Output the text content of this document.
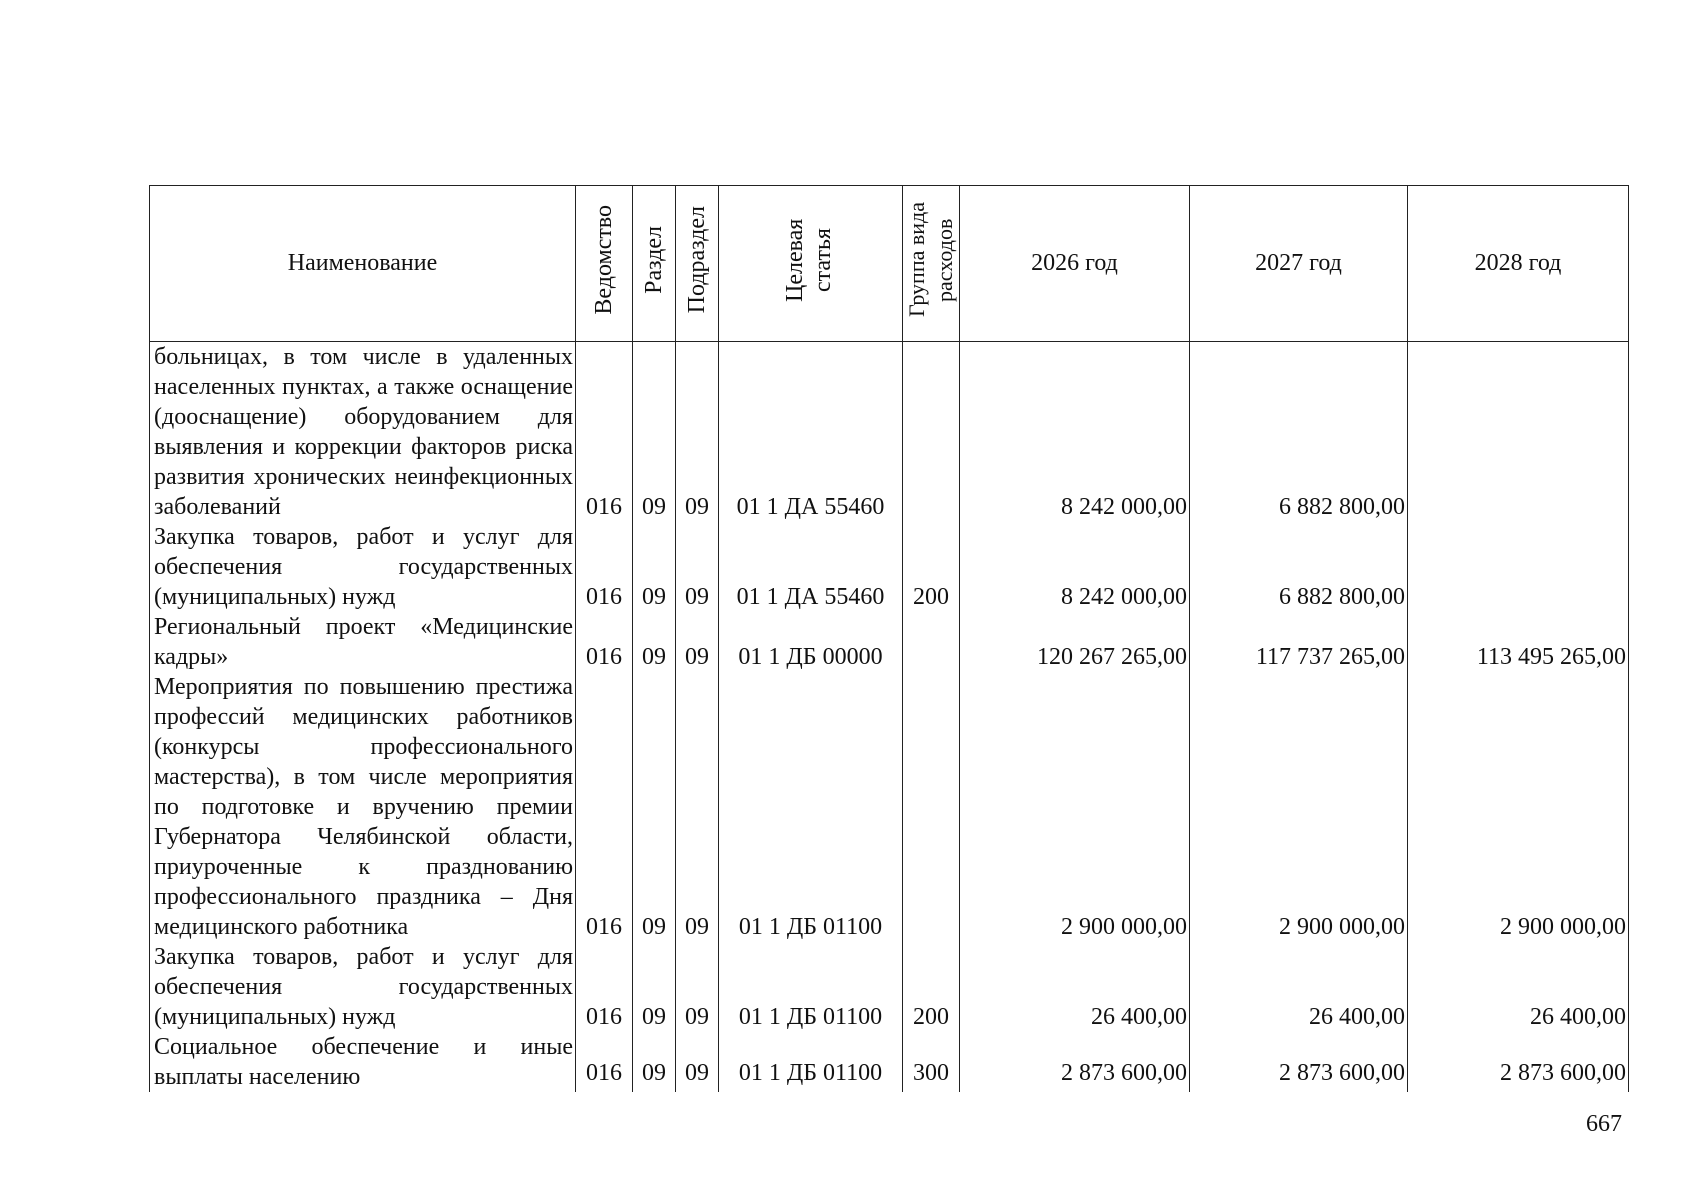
Наименование	Ведомство	Раздел	Подраздел	Целевая статья	Группа вида расходов	2026 год	2027 год	2028 год
больницах, в том числе в удаленных населенных пунктах, а также оснащение (дооснащение) оборудованием для выявления и коррекции факторов риска развития хронических неинфекционных заболеваний	016	09	09	01 1 ДА 55460		8 242 000,00	6 882 800,00	
Закупка товаров, работ и услуг для обеспечения государственных (муниципальных) нужд	016	09	09	01 1 ДА 55460	200	8 242 000,00	6 882 800,00	
Региональный проект «Медицинские кадры»	016	09	09	01 1 ДБ 00000		120 267 265,00	117 737 265,00	113 495 265,00
Мероприятия по повышению престижа профессий медицинских работников (конкурсы профессионального мастерства), в том числе мероприятия по подготовке и вручению премии Губернатора Челябинской области, приуроченные к празднованию профессионального праздника – Дня медицинского работника	016	09	09	01 1 ДБ 01100		2 900 000,00	2 900 000,00	2 900 000,00
Закупка товаров, работ и услуг для обеспечения государственных (муниципальных) нужд	016	09	09	01 1 ДБ 01100	200	26 400,00	26 400,00	26 400,00
Социальное обеспечение и иные выплаты населению	016	09	09	01 1 ДБ 01100	300	2 873 600,00	2 873 600,00	2 873 600,00
667
